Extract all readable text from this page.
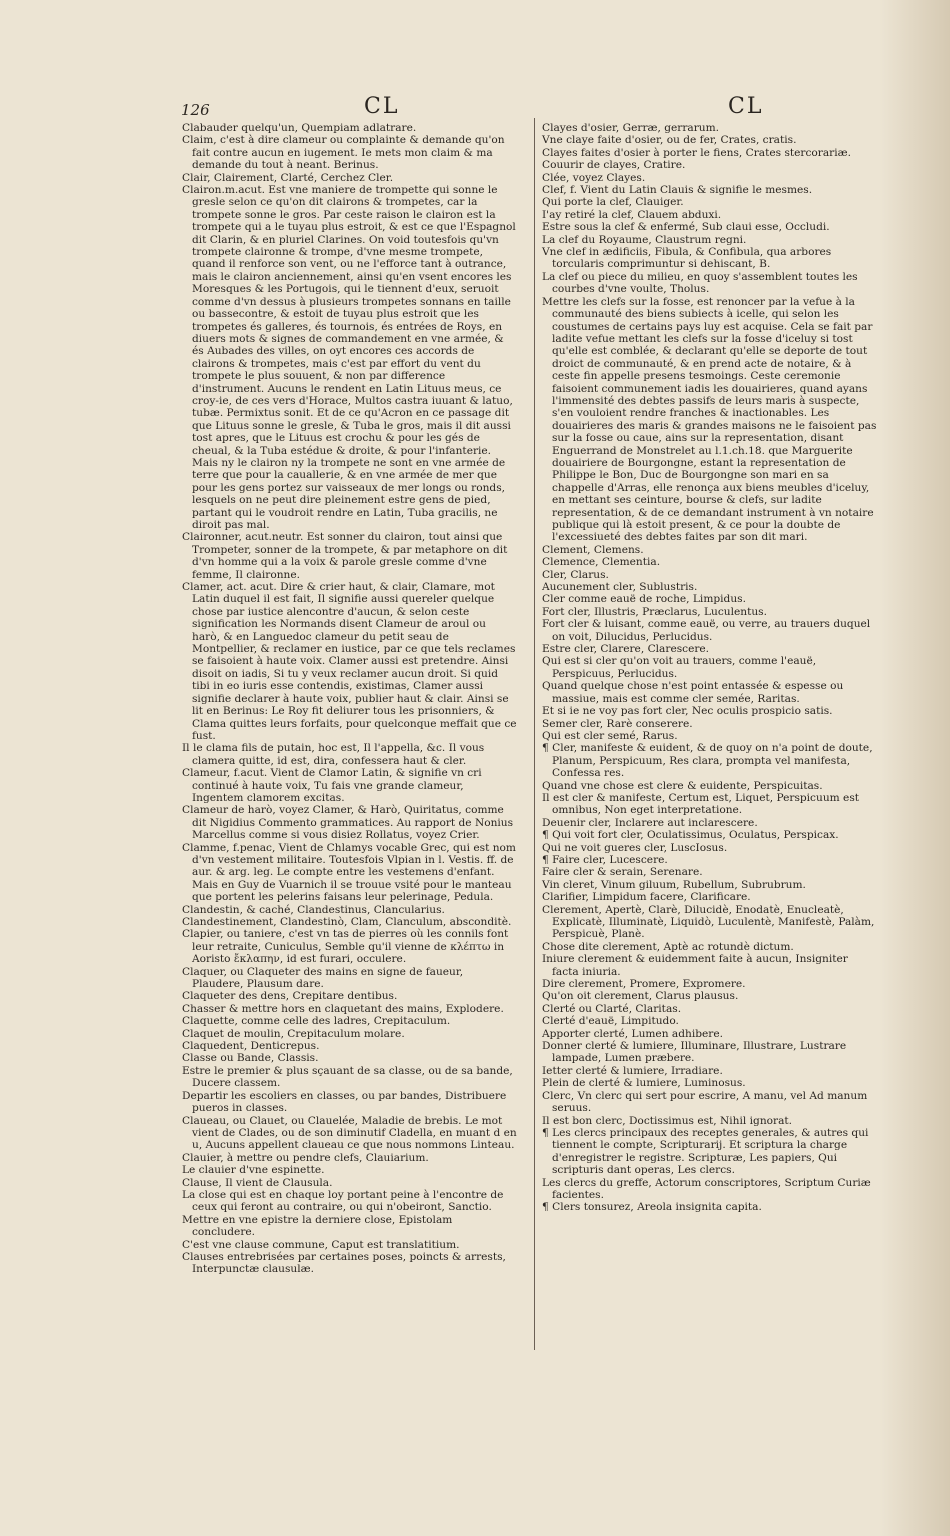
126	CL	CL

Clabauder quelqu'un, Quempiam adlatrare.

Claim, c'est à dire clameur ou complainte & demande qu'on fait contre aucun en iugement. Ie mets mon claim & ma demande du tout à neant. Berinus.

Clair, Clairement, Clarté, Cerchez Cler.

Clairon.m.acut. Est vne maniere de trompette qui sonne le gresle selon ce qu'on dit clairons & trompetes, car la trompete sonne le gros. Par ceste raison le clairon est la trompete qui a le tuyau plus estroit, & est ce que l'Espagnol dit Clarin, & en pluriel Clarines. On void toutesfois qu'vn trompete claironne & trompe, d'vne mesme trompete, quand il renforce son vent, ou ne l'efforce tant à outrance, mais le clairon anciennement, ainsi qu'en vsent encores les Moresques & les Portugois, qui le tiennent d'eux, seruoit comme d'vn dessus à plusieurs trompetes sonnans en taille ou bassecontre, & estoit de tuyau plus estroit que les trompetes és galleres, és tournois, és entrées de Roys, en diuers mots & signes de commandement en vne armée, & és Aubades des villes, on oyt encores ces accords de clairons & trompetes, mais c'est par effort du vent du trompete le plus souuent, & non par difference d'instrument. Aucuns le rendent en Latin Lituus meus, ce croy-ie, de ces vers d'Horace, Multos castra iuuant & latuo, tubæ. Permixtus sonit. Et de ce qu'Acron en ce passage dit que Lituus sonne le gresle, & Tuba le gros, mais il dit aussi tost apres, que le Lituus est crochu & pour les gés de cheual, & la Tuba estédue & droite, & pour l'infanterie. Mais ny le clairon ny la trompete ne sont en vne armée de terre que pour la cauallerie, & en vne armée de mer que pour les gens portez sur vaisseaux de mer longs ou ronds, lesquels on ne peut dire pleinement estre gens de pied, partant qui le voudroit rendre en Latin, Tuba gracilis, ne diroit pas mal.

Claironner, acut.neutr. Est sonner du clairon, tout ainsi que Trompeter, sonner de la trompete, & par metaphore on dit d'vn homme qui a la voix & parole gresle comme d'vne femme, Il claironne.

Clamer, act. acut. Dire & crier haut, & clair, Clamare, mot Latin duquel il est fait, Il signifie aussi quereler quelque chose par iustice alencontre d'aucun, & selon ceste signification les Normands disent Clameur de aroul ou harò, & en Languedoc clameur du petit seau de Montpellier, & reclamer en iustice, par ce que tels reclames se faisoient à haute voix. Clamer aussi est pretendre. Ainsi disoit on iadis, Si tu y veux reclamer aucun droit. Si quid tibi in eo iuris esse contendis, existimas, Clamer aussi signifie declarer à haute voix, publier haut & clair. Ainsi se lit en Berinus: Le Roy fit deliurer tous les prisonniers, & Clama quittes leurs forfaits, pour quelconque meffait que ce fust.

Il le clama fils de putain, hoc est, Il l'appella, &c. Il vous clamera quitte, id est, dira, confessera haut & cler.

Clameur, f.acut. Vient de Clamor Latin, & signifie vn cri continué à haute voix, Tu fais vne grande clameur, Ingentem clamorem excitas.

Clameur de harò, voyez Clamer, & Harò, Quiritatus, comme dit Nigidius Commento grammatices. Au rapport de Nonius Marcellus comme si vous disiez Rollatus, voyez Crier.

Clamme, f.penac, Vient de Chlamys vocable Grec, qui est nom d'vn vestement militaire. Toutesfois Vlpian in l. Vestis. ff. de aur. & arg. leg. Le compte entre les vestemens d'enfant. Mais en Guy de Vuarnich il se trouue vsité pour le manteau que portent les pelerins faisans leur pelerinage, Pedula.

Clandestin, & caché, Clandestinus, Clancularius.

Clandestinement, Clandestinò, Clam, Clanculum, absconditè.

Clapier, ou taniere, c'est vn tas de pierres où les connils font leur retraite, Cuniculus, Semble qu'il vienne de κλέπτω in Aoristo ἔκλαπην, id est furari, occulere.

Claquer, ou Claqueter des mains en signe de faueur, Plaudere, Plausum dare.

Claqueter des dens, Crepitare dentibus.

Chasser & mettre hors en claquetant des mains, Explodere.

Claquette, comme celle des ladres, Crepitaculum.

Claquet de moulin, Crepitaculum molare.

Claquedent, Denticrepus.

Classe ou Bande, Classis.

Estre le premier & plus sçauant de sa classe, ou de sa bande, Ducere classem.

Departir les escoliers en classes, ou par bandes, Distribuere pueros in classes.

Claueau, ou Clauet, ou Clauelée, Maladie de brebis. Le mot vient de Clades, ou de son diminutif Cladella, en muant d en u, Aucuns appellent claueau ce que nous nommons Linteau.

Clauier, à mettre ou pendre clefs, Clauiarium.

Le clauier d'vne espinette.

Clause, Il vient de Clausula.

La close qui est en chaque loy portant peine à l'encontre de ceux qui feront au contraire, ou qui n'obeiront, Sanctio.

Mettre en vne epistre la derniere close, Epistolam concludere.

C'est vne clause commune, Caput est translatitium.

Clauses entrebrisées par certaines poses, poincts & arrests, Interpunctæ clausulæ.

Clayes d'osier, Gerræ, gerrarum.

Vne claye faite d'osier, ou de fer, Crates, cratis.

Clayes faites d'osier à porter le fiens, Crates stercorariæ.

Couurir de clayes, Cratire.

Clée, voyez Clayes.

Clef, f. Vient du Latin Clauis & signifie le mesmes.

Qui porte la clef, Clauiger.

I'ay retiré la clef, Clauem abduxi.

Estre sous la clef & enfermé, Sub claui esse, Occludi.

La clef du Royaume, Claustrum regni.

Vne clef in ædificiis, Fibula, & Confibula, qua arbores torcularis comprimuntur si dehiscant, B.

La clef ou piece du milieu, en quoy s'assemblent toutes les courbes d'vne voulte, Tholus.

Mettre les clefs sur la fosse, est renoncer par la vefue à la communauté des biens subiects à icelle, qui selon les coustumes de certains pays luy est acquise. Cela se fait par ladite vefue mettant les clefs sur la fosse d'iceluy si tost qu'elle est comblée, & declarant qu'elle se deporte de tout droict de communauté, & en prend acte de notaire, & à ceste fin appelle presens tesmoings. Ceste ceremonie faisoient communement iadis les douairieres, quand ayans l'immensité des debtes passifs de leurs maris à suspecte, s'en vouloient rendre franches & inactionables. Les douairieres des maris & grandes maisons ne le faisoient pas sur la fosse ou caue, ains sur la representation, disant Enguerrand de Monstrelet au l.1.ch.18. que Marguerite douairiere de Bourgongne, estant la representation de Philippe le Bon, Duc de Bourgongne son mari en sa chappelle d'Arras, elle renonça aux biens meubles d'iceluy, en mettant ses ceinture, bourse & clefs, sur ladite representation, & de ce demandant instrument à vn notaire publique qui là estoit present, & ce pour la doubte de l'excessiueté des debtes faites par son dit mari.

Clement, Clemens.

Clemence, Clementia.

Cler, Clarus.

Aucunement cler, Sublustris.

Cler comme eauë de roche, Limpidus.

Fort cler, Illustris, Præclarus, Luculentus.

Fort cler & luisant, comme eauë, ou verre, au trauers duquel on voit, Dilucidus, Perlucidus.

Estre cler, Clarere, Clarescere.

Qui est si cler qu'on voit au trauers, comme l'eauë, Perspicuus, Perlucidus.

Quand quelque chose n'est point entassée & espesse ou massiue, mais est comme cler semée, Raritas.

Et si ie ne voy pas fort cler, Nec oculis prospicio satis.

Semer cler, Rarè conserere.

Qui est cler semé, Rarus.

¶ Cler, manifeste & euident, & de quoy on n'a point de doute, Planum, Perspicuum, Res clara, prompta vel manifesta, Confessa res.

Quand vne chose est clere & euidente, Perspicuitas.

Il est cler & manifeste, Certum est, Liquet, Perspicuum est omnibus, Non eget interpretatione.

Deuenir cler, Inclarere aut inclarescere.

¶ Qui voit fort cler, Oculatissimus, Oculatus, Perspicax.

Qui ne voit gueres cler, LuscIosus.

¶ Faire cler, Lucescere.

Faire cler & serain, Serenare.

Vin cleret, Vinum giluum, Rubellum, Subrubrum.

Clarifier, Limpidum facere, Clarificare.

Clerement, Apertè, Clarè, Dilucidè, Enodatè, Enucleatè, Explicatè, Illuminatè, Liquidò, Luculentè, Manifestè, Palàm, Perspicuè, Planè.

Chose dite clerement, Aptè ac rotundè dictum.

Iniure clerement & euidemment faite à aucun, Insigniter facta iniuria.

Dire clerement, Promere, Expromere.

Qu'on oit clerement, Clarus plausus.

Clerté ou Clarté, Claritas.

Clerté d'eauë, Limpitudo.

Apporter clerté, Lumen adhibere.

Donner clerté & lumiere, Illuminare, Illustrare, Lustrare lampade, Lumen præbere.

Ietter clerté & lumiere, Irradiare.

Plein de clerté & lumiere, Luminosus.

Clerc, Vn clerc qui sert pour escrire, A manu, vel Ad manum seruus.

Il est bon clerc, Doctissimus est, Nihil ignorat.

¶ Les clercs principaux des receptes generales, & autres qui tiennent le compte, Scripturarij. Et scriptura la charge d'enregistrer le registre. Scripturæ, Les papiers, Qui scripturis dant operas, Les clercs.

Les clercs du greffe, Actorum conscriptores, Scriptum Curiæ facientes.

¶ Clers tonsurez, Areola insignita capita.
